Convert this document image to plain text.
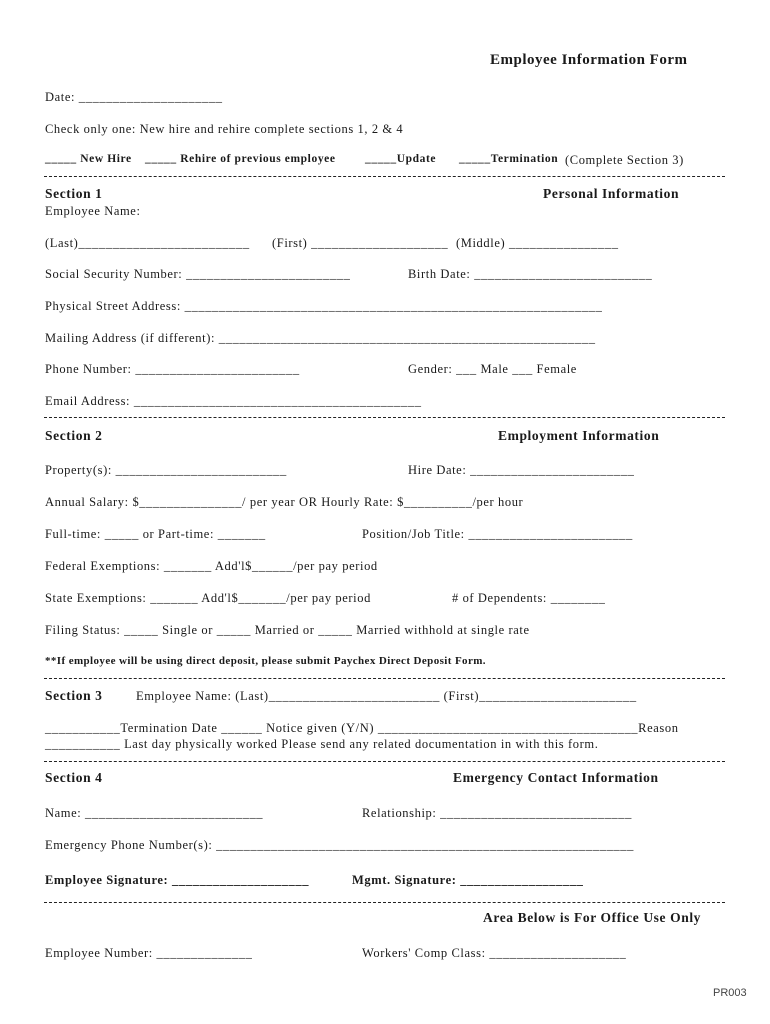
Employee Information Form
Date: _____________________
Check only one: New hire and rehire complete sections 1, 2 & 4
_____ New Hire _____ Rehire of previous employee	_____Update _____Termination (Complete Section 3)
Section 1	Personal Information
Employee Name:
(Last)_________________________ (First) ____________________ (Middle) ________________
Social Security Number: ________________________	Birth Date: __________________________
Physical Street Address: _____________________________________________________________
Mailing Address (if different): _______________________________________________________
Phone Number: ________________________	Gender: ___ Male ___ Female
Email Address: __________________________________________
Section 2	Employment Information
Property(s): _________________________	Hire Date: ________________________
Annual Salary: $_______________/ per year OR Hourly Rate: $__________/per hour
Full-time: _____ or Part-time: _______	Position/Job Title: ________________________
Federal Exemptions: _______ Add'l$______/per pay period
State Exemptions: _______ Add'l$_______/per pay period	# of Dependents: ________
Filing Status: _____ Single or _____ Married or _____ Married withhold at single rate
**If employee will be using direct deposit, please submit Paychex Direct Deposit Form.
Section 3	Employee Name: (Last)_________________________ (First)_______________________
___________Termination Date ______ Notice given (Y/N) ______________________________________Reason
___________ Last day physically worked Please send any related documentation in with this form.
Section 4	Emergency Contact Information
Name: __________________________	Relationship: ____________________________
Emergency Phone Number(s): _____________________________________________________________
Employee Signature: ____________________	Mgmt. Signature: __________________
Area Below is For Office Use Only
Employee Number: ______________	Workers' Comp Class: ____________________
PR003
